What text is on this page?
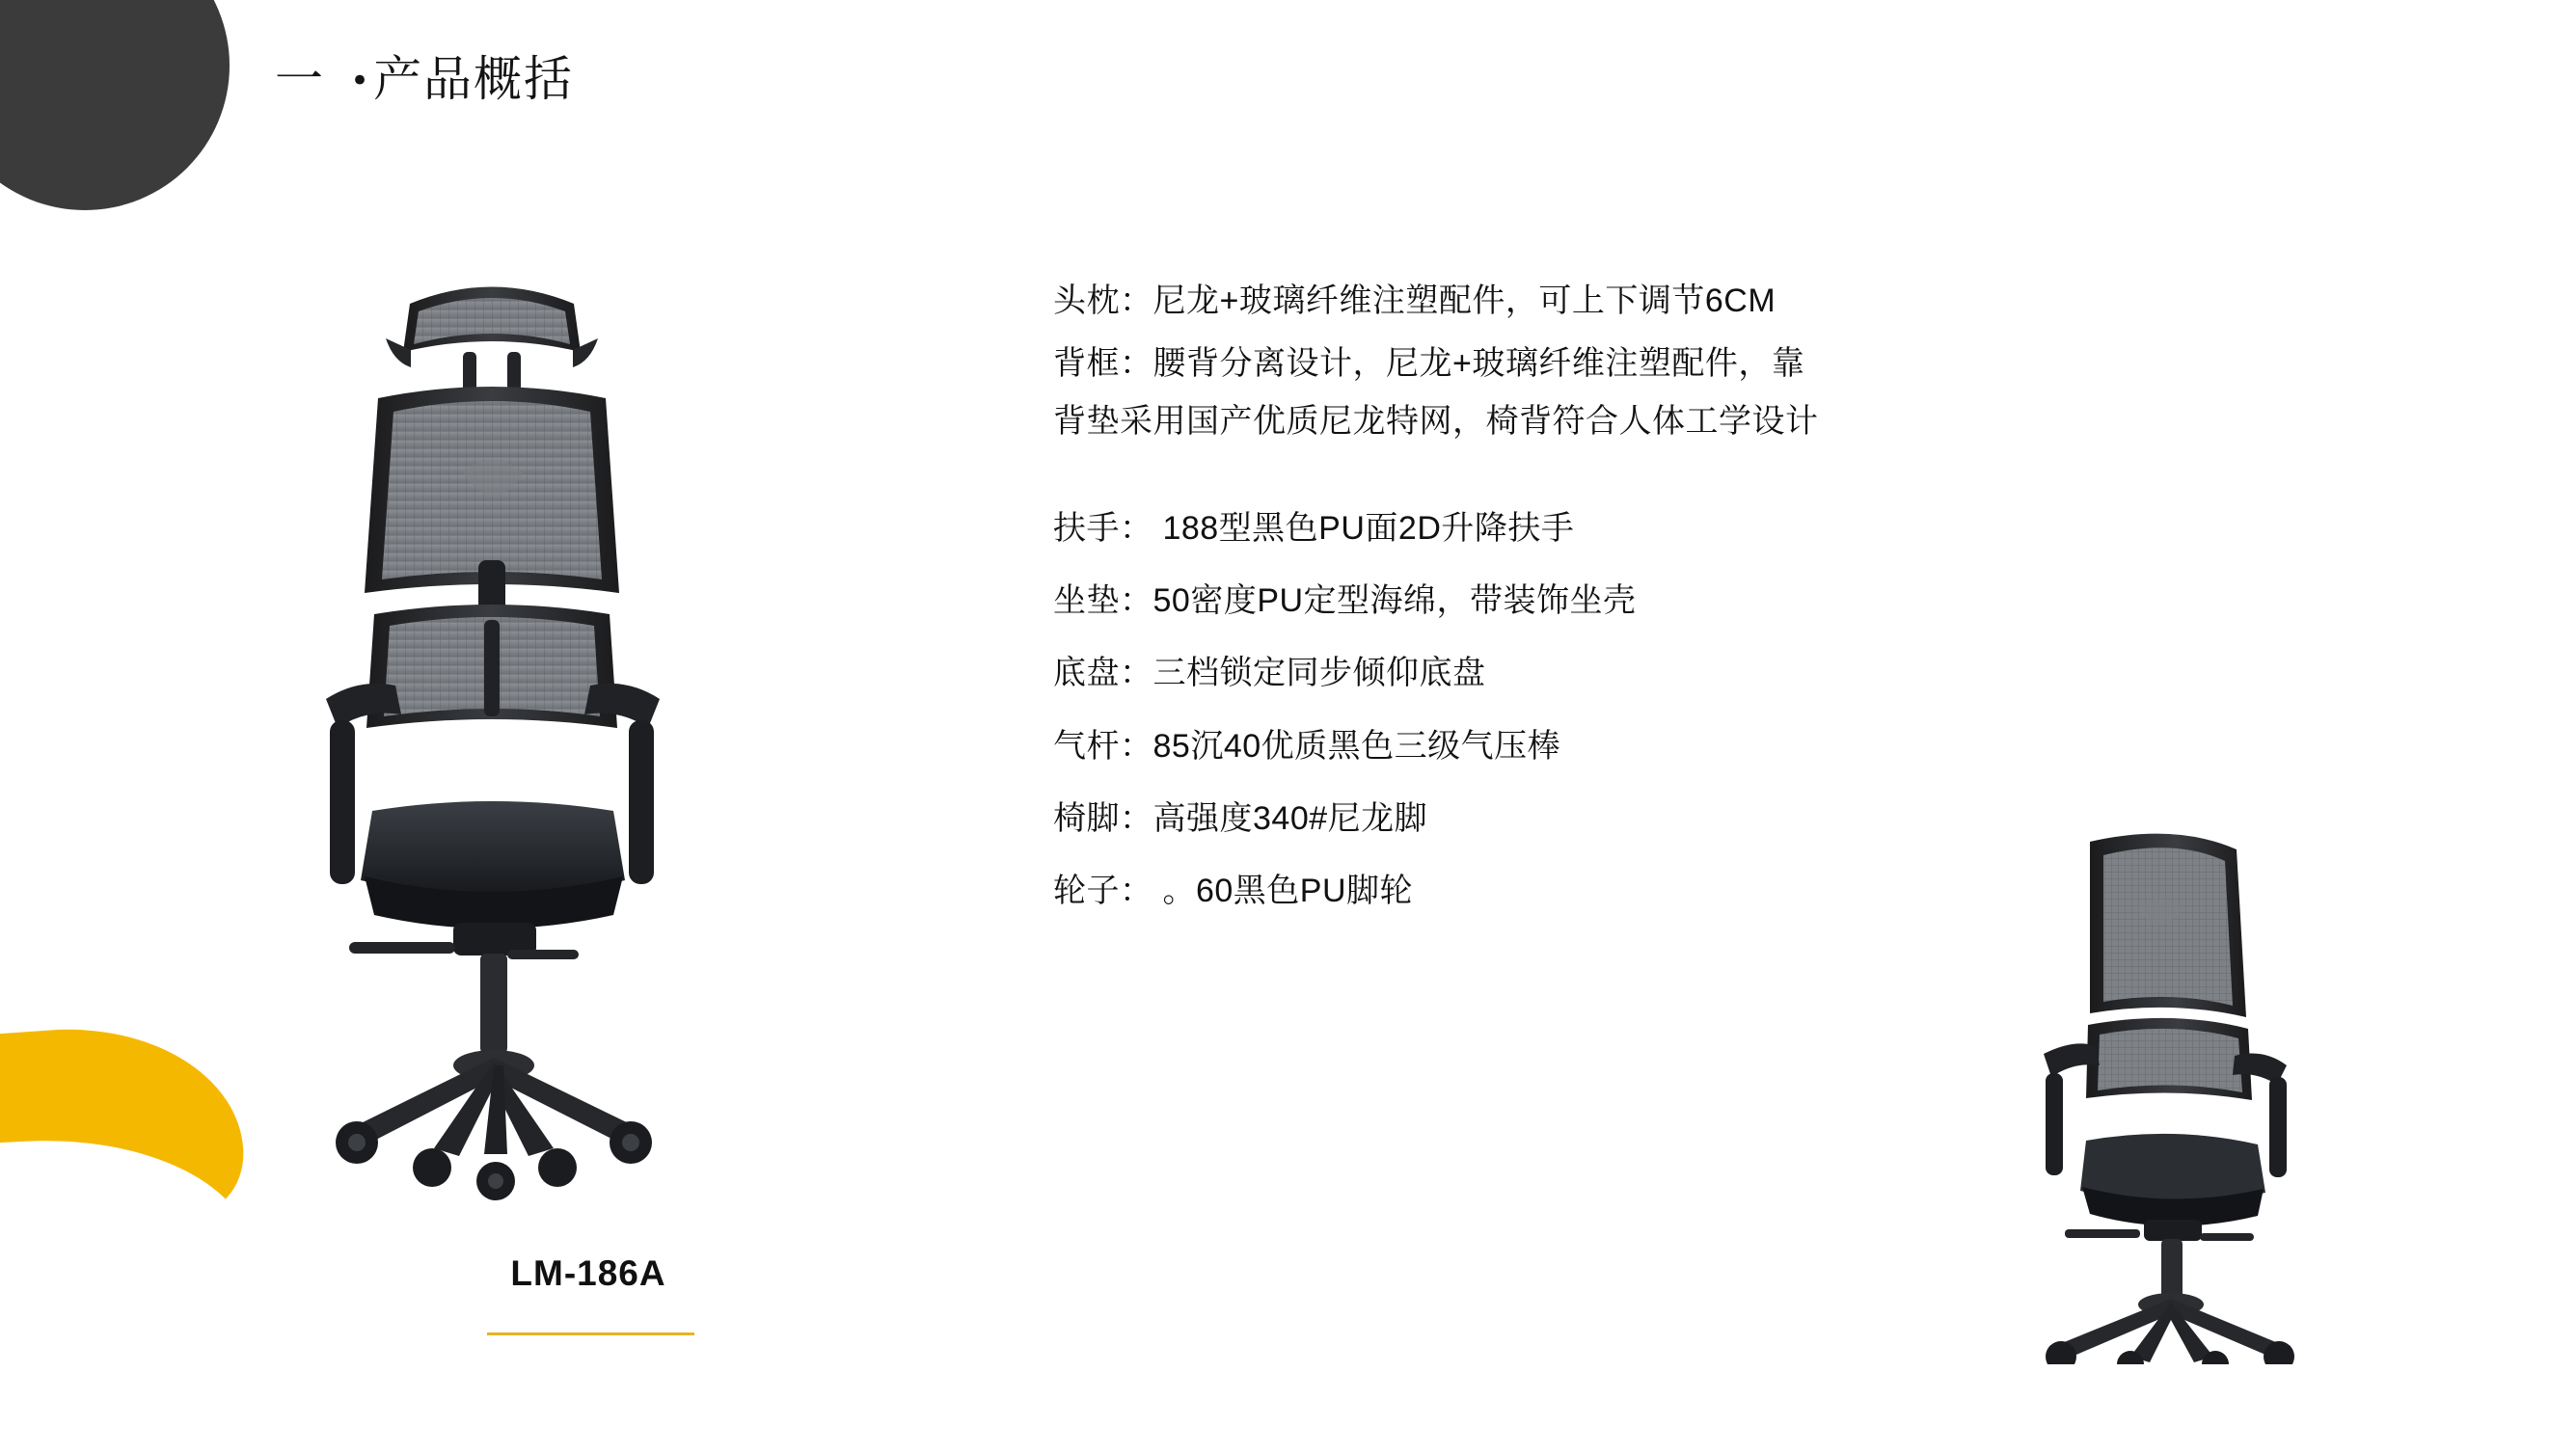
一 •产品概括
LM-186A
头枕：尼龙+玻璃纤维注塑配件，可上下调节6CM
背框：腰背分离设计，尼龙+玻璃纤维注塑配件，靠
背垫采用国产优质尼龙特网，椅背符合人体工学设计
扶手： 188型黑色PU面2D升降扶手
坐垫：50密度PU定型海绵，带装饰坐壳
底盘：三档锁定同步倾仰底盘
气杆：85沉40优质黑色三级气压棒
椅脚：高强度340#尼龙脚
轮子： 。60黑色PU脚轮
